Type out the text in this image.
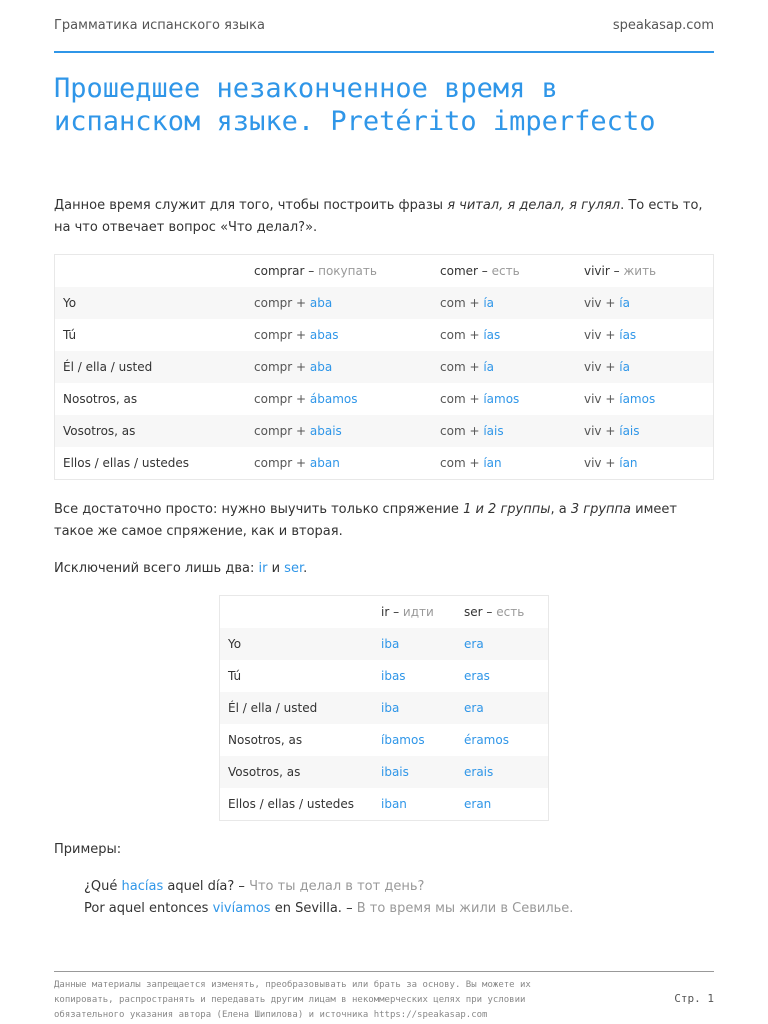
Грамматика испанского языка	speakasap.com
Прошедшее незаконченное время в испанском языке. Pretérito imperfecto

Данное время служит для того, чтобы построить фразы я читал, я делал, я гулял. То есть то, на что отвечает вопрос «Что делал?».

	comprar – покупать	comer – есть	vivir – жить
Yo	compr + aba	com + ía	viv + ía
Tú	compr + abas	com + ías	viv + ías
Él / ella / usted	compr + aba	com + ía	viv + ía
Nosotros, as	compr + ábamos	com + íamos	viv + íamos
Vosotros, as	compr + abais	com + íais	viv + íais
Ellos / ellas / ustedes	compr + aban	com + ían	viv + ían

Все достаточно просто: нужно выучить только спряжение 1 и 2 группы, а 3 группа имеет такое же самое спряжение, как и вторая.

Исключений всего лишь два: ir и ser.

	ir – идти	ser – есть
Yo	iba	era
Tú	ibas	eras
Él / ella / usted	iba	era
Nosotros, as	íbamos	éramos
Vosotros, as	ibais	erais
Ellos / ellas / ustedes	iban	eran

Примеры:

¿Qué hacías aquel día? – Что ты делал в тот день?
Por aquel entonces vivíamos en Sevilla. – В то время мы жили в Севилье.
Данные материалы запрещается изменять, преобразовывать или брать за основу. Вы можете их
копировать, распространять и передавать другим лицам в некоммерческих целях при условии
обязательного указания автора (Елена Шипилова) и источника https://speakasap.com
Стр. 1
